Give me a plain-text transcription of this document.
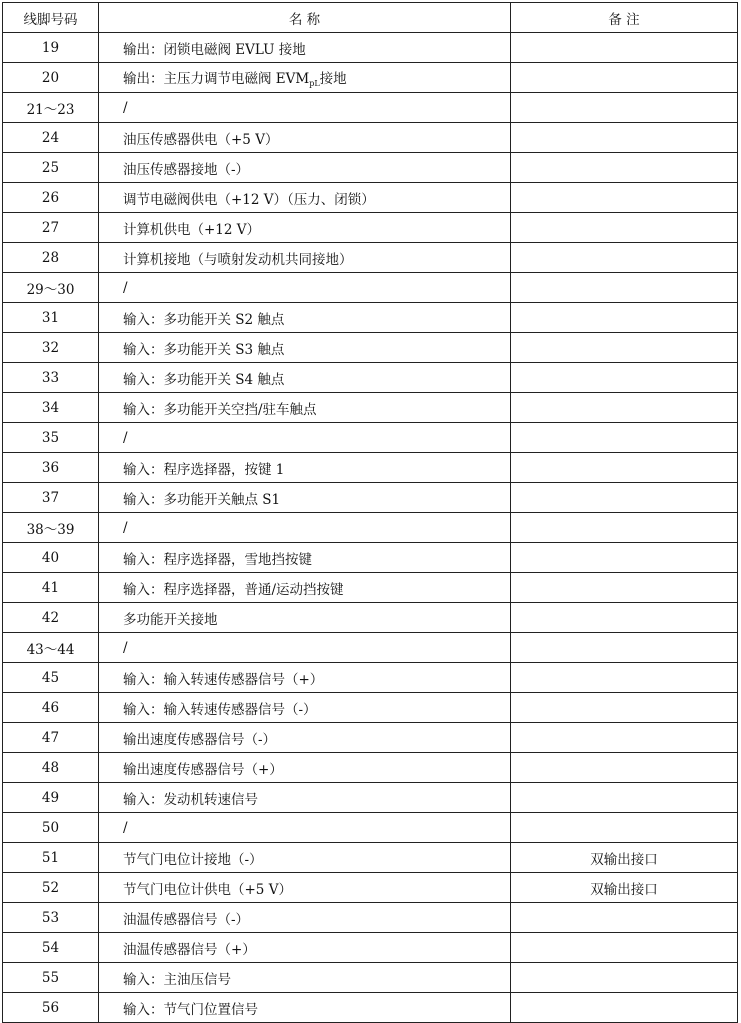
线脚号码	名 称	备 注
19	输出：闭锁电磁阀 EVLU 接地	
20	输出：主压力调节电磁阀 $EVM_{pL}$接地	
21～23	/	
24	油压传感器供电（+5 V）	
25	油压传感器接地（-）	
26	调节电磁阀供电（+12 V）（压力、闭锁）	
27	计算机供电（+12 V）	
28	计算机接地（与喷射发动机共同接地）	
29～30	/	
31	输入：多功能开关 S2 触点	
32	输入：多功能开关 S3 触点	
33	输入：多功能开关 S4 触点	
34	输入：多功能开关空挡/驻车触点	
35	/	
36	输入：程序选择器，按键 1	
37	输入：多功能开关触点 S1	
38～39	/	
40	输入：程序选择器，雪地挡按键	
41	输入：程序选择器，普通/运动挡按键	
42	多功能开关接地	
43～44	/	
45	输入：输入转速传感器信号（+）	
46	输入：输入转速传感器信号（-）	
47	输出速度传感器信号（-）	
48	输出速度传感器信号（+）	
49	输入：发动机转速信号	
50	/	
51	节气门电位计接地（-）	双输出接口
52	节气门电位计供电（+5 V）	双输出接口
53	油温传感器信号（-）	
54	油温传感器信号（+）	
55	输入：主油压信号	
56	输入：节气门位置信号	
